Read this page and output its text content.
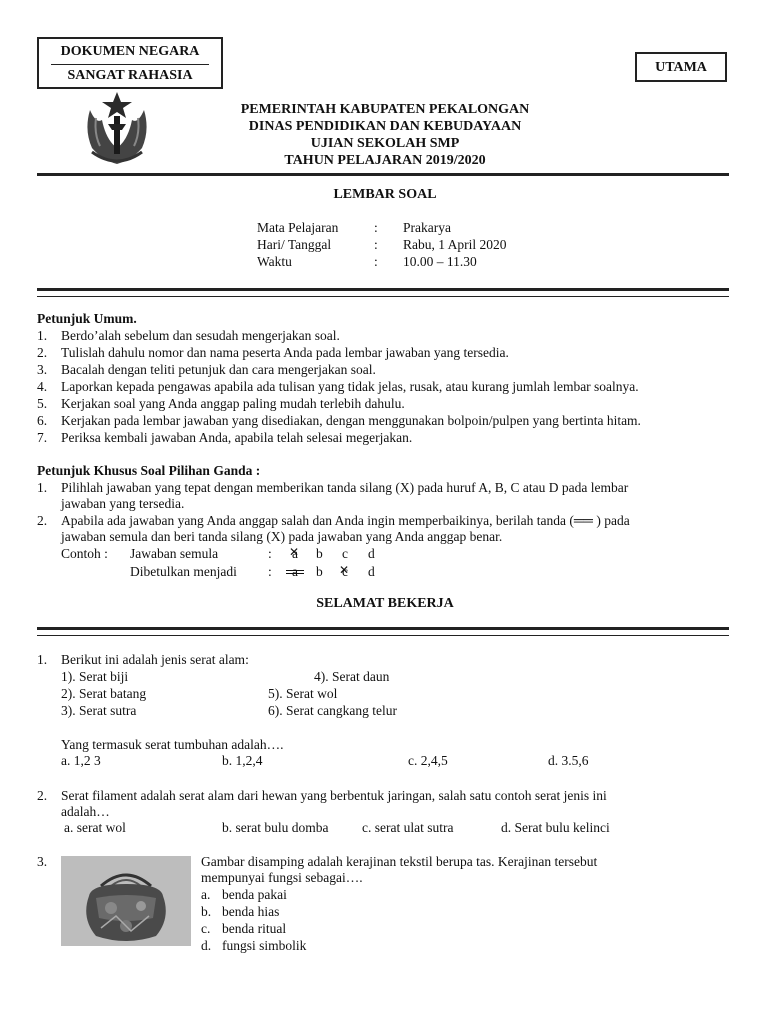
DOKUMEN NEGARA
SANGAT RAHASIA
UTAMA
PEMERINTAH KABUPATEN PEKALONGAN
DINAS PENDIDIKAN DAN KEBUDAYAAN
UJIAN SEKOLAH SMP
TAHUN PELAJARAN 2019/2020
LEMBAR SOAL
Mata Pelajaran	: Prakarya
Hari/ Tanggal	: Rabu, 1 April 2020
Waktu	: 10.00 – 11.30
Petunjuk Umum.
1. Berdo’alah sebelum dan sesudah mengerjakan soal.
2. Tulislah dahulu nomor dan nama peserta Anda pada lembar jawaban yang tersedia.
3. Bacalah dengan teliti petunjuk dan cara mengerjakan soal.
4. Laporkan kepada pengawas apabila ada tulisan yang tidak jelas, rusak, atau kurang jumlah lembar soalnya.
5. Kerjakan soal yang Anda anggap paling mudah terlebih dahulu.
6. Kerjakan pada lembar jawaban yang disediakan, dengan menggunakan bolpoin/pulpen yang bertinta hitam.
7. Periksa kembali jawaban Anda, apabila telah selesai megerjakan.
Petunjuk Khusus Soal Pilihan Ganda :
1. Pilihlah jawaban yang tepat dengan memberikan tanda silang (X) pada huruf A, B, C atau D pada lembar
jawaban yang tersedia.
2. Apabila ada jawaban yang Anda anggap salah dan Anda ingin memperbaikinya, berilah tanda (══ ) pada
jawaban semula dan beri tanda silang (X) pada jawaban yang Anda anggap benar.
Contoh : Jawaban semula	: ✕ a b c d
Dibetulkan menjadi : a b ✕ c d
SELAMAT BEKERJA
1. Berikut ini adalah jenis serat alam:
1). Serat biji	4). Serat daun
2). Serat batang	5). Serat wol
3). Serat sutra	6). Serat cangkang telur
Yang termasuk serat tumbuhan adalah….
a. 1,2 3	b. 1,2,4	c. 2,4,5	d. 3.5,6
2. Serat filament adalah serat alam dari hewan yang berbentuk jaringan, salah satu contoh serat jenis ini
adalah…
a. serat wol	b. serat bulu domba c. serat ulat sutra	d. Serat bulu kelinci
3.	Gambar disamping adalah kerajinan tekstil berupa tas. Kerajinan tersebut
mempunyai fungsi sebagai….
a. benda pakai
b. benda hias
c. benda ritual
d. fungsi simbolik
